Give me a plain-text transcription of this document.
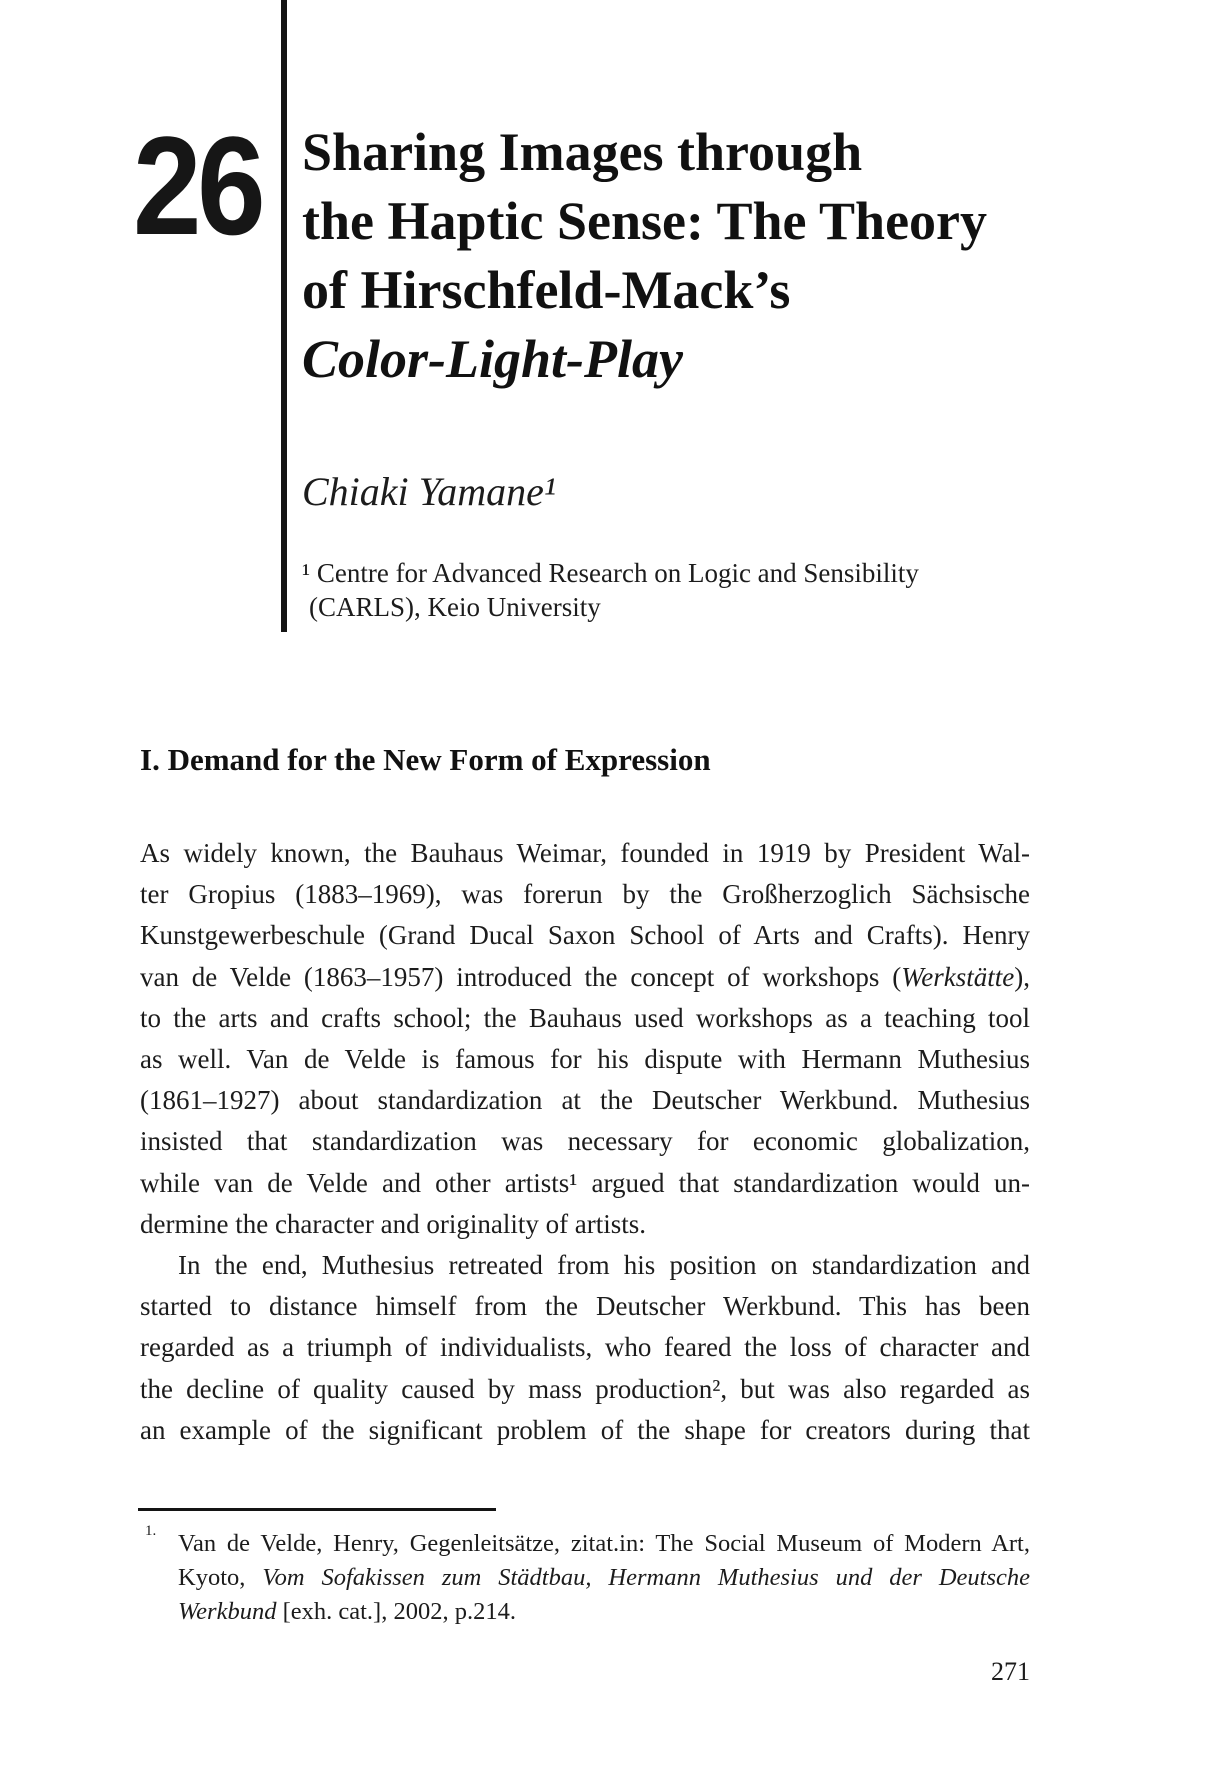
26 Sharing Images through
the Haptic Sense: The Theory
of Hirschfeld-Mack’s
Color-Light-Play
Chiaki Yamane¹
¹ Centre for Advanced Research on Logic and Sensibility
(CARLS), Keio University
I. Demand for the New Form of Expression
As widely known, the Bauhaus Weimar, founded in 1919 by President Wal-
ter Gropius (1883–1969), was forerun by the Großherzoglich Sächsische
Kunstgewerbeschule (Grand Ducal Saxon School of Arts and Crafts). Henry
van de Velde (1863–1957) introduced the concept of workshops (Werkstätte),
to the arts and crafts school; the Bauhaus used workshops as a teaching tool
as well. Van de Velde is famous for his dispute with Hermann Muthesius
(1861–1927) about standardization at the Deutscher Werkbund. Muthesius
insisted that standardization was necessary for economic globalization,
while van de Velde and other artists¹ argued that standardization would un-
dermine the character and originality of artists.
In the end, Muthesius retreated from his position on standardization and
started to distance himself from the Deutscher Werkbund. This has been
regarded as a triumph of individualists, who feared the loss of character and
the decline of quality caused by mass production², but was also regarded as
an example of the significant problem of the shape for creators during that
1. Van de Velde, Henry, Gegenleitsätze, zitat.in: The Social Museum of Modern Art,
Kyoto, Vom Sofakissen zum Städtbau, Hermann Muthesius und der Deutsche
Werkbund [exh. cat.], 2002, p.214.
271
